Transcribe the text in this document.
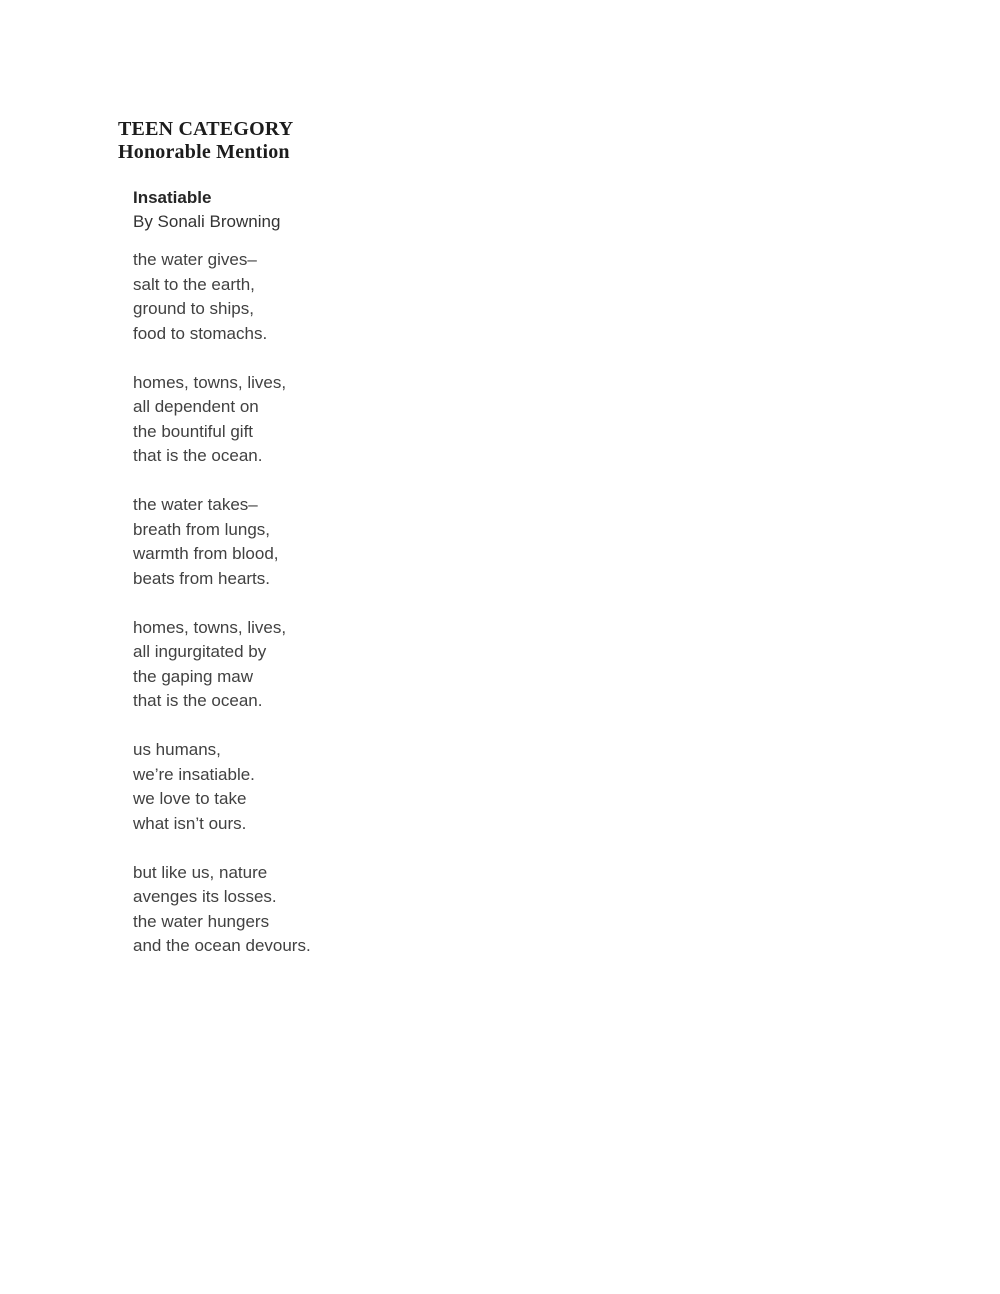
TEEN CATEGORY
Honorable Mention
Insatiable
By Sonali Browning
the water gives–
salt to the earth,
ground to ships,
food to stomachs.
homes, towns, lives,
all dependent on
the bountiful gift
that is the ocean.
the water takes–
breath from lungs,
warmth from blood,
beats from hearts.
homes, towns, lives,
all ingurgitated by
the gaping maw
that is the ocean.
us humans,
we’re insatiable.
we love to take
what isn’t ours.
but like us, nature
avenges its losses.
the water hungers
and the ocean devours.
